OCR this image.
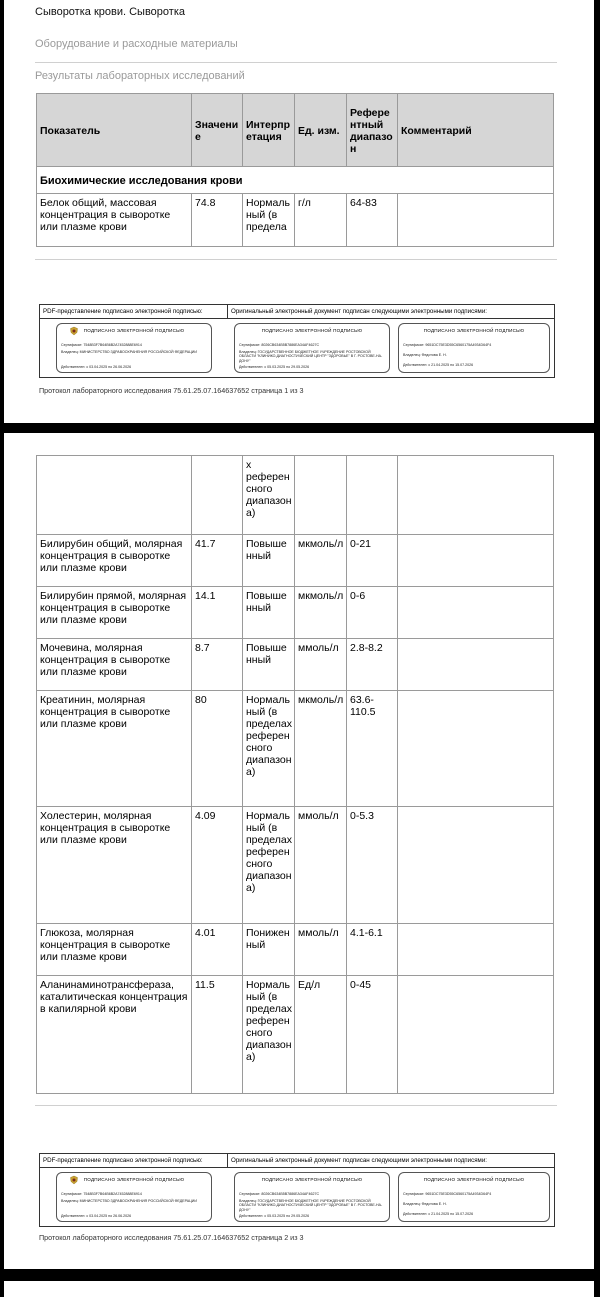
Сыворотка крови. Сыворотка
Оборудование и расходные материалы
Результаты лабораторных исследований
Показатель	Значение	Интерпретация	Ед. изм.	Референтный диапазон	Комментарий
Биохимические исследования крови					
Белок общий, массовая концентрация в сыворотке или плазме крови	74.8	Нормальный (в предела	г/л	64-83	
PDF-представление подписано электронной подписью:	Оригинальный электронный документ подписан следующими электронными подписями:
ПОДПИСАНО ЭЛЕКТРОННОЙ ПОДПИСЬЮ
Сертификат: 7548B3F7B64B6B2A7452888E6914
Владелец: МИНИСТЕРСТВО ЗДРАВООХРАНЕНИЯ РОССИЙСКОЙ ФЕДЕРАЦИИ
Действителен: с 03.04.2025 по 26.06.2026
ПОДПИСАНО ЭЛЕКТРОННОЙ ПОДПИСЬЮ
Сертификат: 8026CB634B5B7886EA34AF4627C
Владелец: ГОСУДАРСТВЕННОЕ БЮДЖЕТНОЕ УЧРЕЖДЕНИЕ РОСТОВСКОЙ ОБЛАСТИ "КЛИНИКО-ДИАГНОСТИЧЕСКИЙ ЦЕНТР "ЗДОРОВЬЕ" В Г. РОСТОВЕ-НА-ДОНУ"
Действителен: с 05.03.2025 по 29.05.2026
ПОДПИСАНО ЭЛЕКТРОННОЙ ПОДПИСЬЮ
Сертификат: 9651DC75E3D55C6560175A4934D64F4
Владелец: Федотова Е. Н.
Действителен: с 21.04.2025 по 15.07.2026
Протокол лабораторного исследования 75.61.25.07.164637652 страница 1 из 3
		х референсного диапазона)			
Билирубин общий, молярная концентрация в сыворотке или плазме крови	41.7	Повышенный	мкмоль/л	0-21	
Билирубин прямой, молярная концентрация в сыворотке или плазме крови	14.1	Повышенный	мкмоль/л	0-6	
Мочевина, молярная концентрация в сыворотке или плазме крови	8.7	Повышенный	ммоль/л	2.8-8.2	
Креатинин, молярная концентрация в сыворотке или плазме крови	80	Нормальный (в пределах референсного диапазона)	мкмоль/л	63.6-110.5	
Холестерин, молярная концентрация в сыворотке или плазме крови	4.09	Нормальный (в пределах референсного диапазона)	ммоль/л	0-5.3	
Глюкоза, молярная концентрация в сыворотке или плазме крови	4.01	Пониженный	ммоль/л	4.1-6.1	
Аланинаминотрансфераза, каталитическая концентрация в капилярной крови	11.5	Нормальный (в пределах референсного диапазона)	Ед/л	0-45	
PDF-представление подписано электронной подписью:	Оригинальный электронный документ подписан следующими электронными подписями:
ПОДПИСАНО ЭЛЕКТРОННОЙ ПОДПИСЬЮ
Сертификат: 7548B3F7B64B6B2A7452888E6914
Владелец: МИНИСТЕРСТВО ЗДРАВООХРАНЕНИЯ РОССИЙСКОЙ ФЕДЕРАЦИИ
Действителен: с 03.04.2025 по 26.06.2026
ПОДПИСАНО ЭЛЕКТРОННОЙ ПОДПИСЬЮ
Сертификат: 8026CB634B5B7886EA34AF4627C
Владелец: ГОСУДАРСТВЕННОЕ БЮДЖЕТНОЕ УЧРЕЖДЕНИЕ РОСТОВСКОЙ ОБЛАСТИ "КЛИНИКО-ДИАГНОСТИЧЕСКИЙ ЦЕНТР "ЗДОРОВЬЕ" В Г. РОСТОВЕ-НА-ДОНУ"
Действителен: с 05.03.2025 по 29.05.2026
ПОДПИСАНО ЭЛЕКТРОННОЙ ПОДПИСЬЮ
Сертификат: 9651DC75E3D55C6560175A4934D64F4
Владелец: Федотова Е. Н.
Действителен: с 21.04.2025 по 15.07.2026
Протокол лабораторного исследования 75.61.25.07.164637652 страница 2 из 3
